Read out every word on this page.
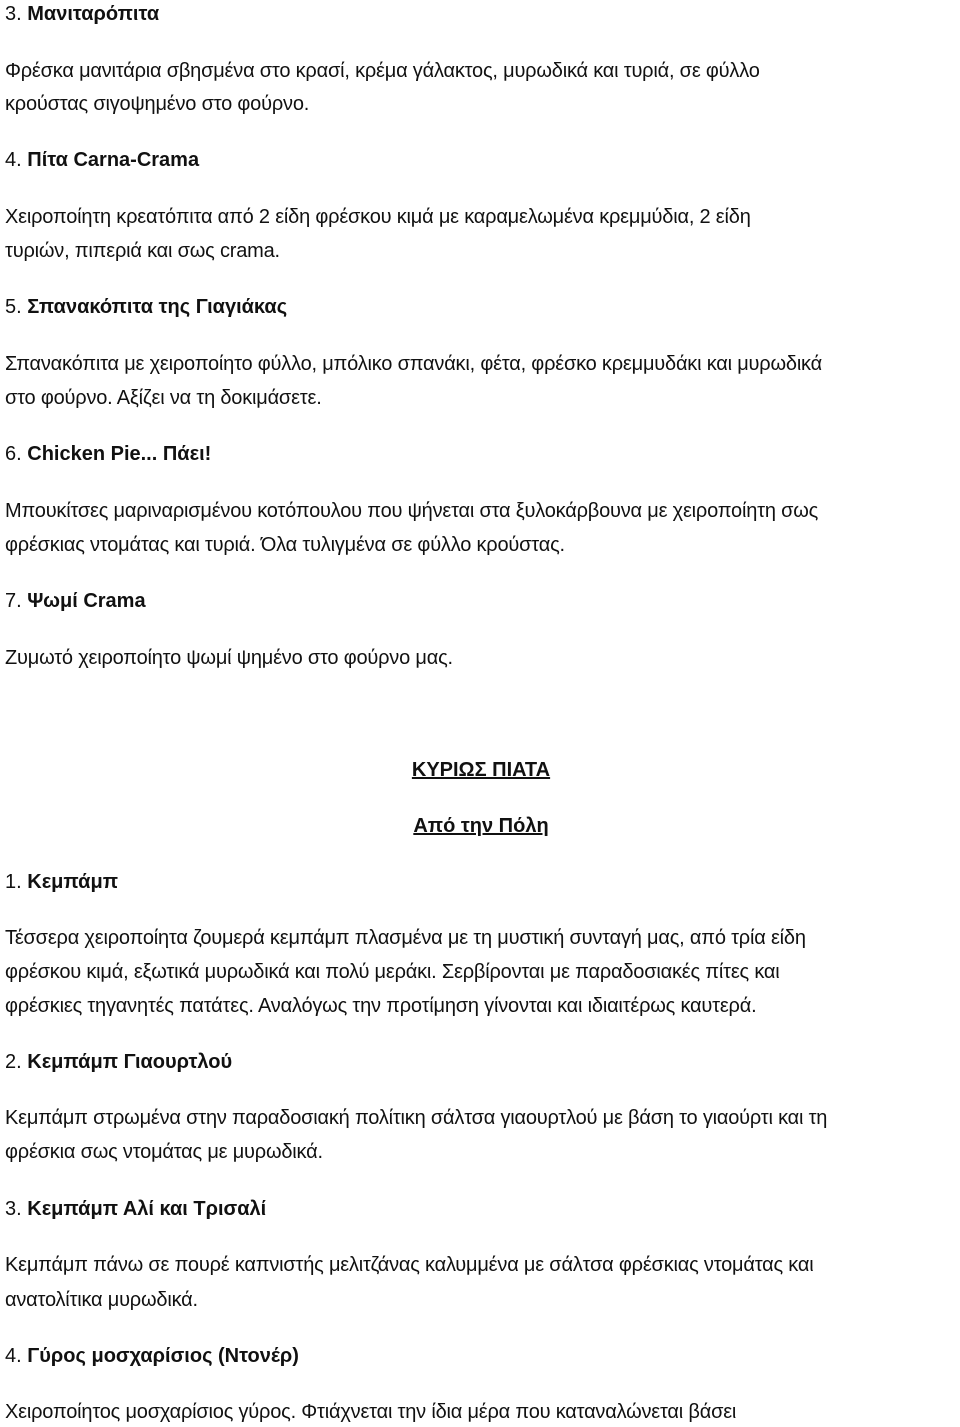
3. Μανιταρόπιτα
Φρέσκα μανιτάρια σβησμένα στο κρασί, κρέμα γάλακτος, μυρωδικά και τυριά, σε φύλλο
κρούστας σιγοψημένο στο φούρνο.
4. Πίτα Carna-Crama
Χειροποίητη κρεατόπιτα από 2 είδη φρέσκου κιμά με καραμελωμένα κρεμμύδια, 2 είδη
τυριών, πιπεριά και σως crama.
5. Σπανακόπιτα της Γιαγιάκας
Σπανακόπιτα με χειροποίητο φύλλο, μπόλικο σπανάκι, φέτα, φρέσκο κρεμμυδάκι και μυρωδικά
στο φούρνο. Αξίζει να τη δοκιμάσετε.
6. Chicken Pie... Πάει!
Μπουκίτσες μαριναρισμένου κοτόπουλου που ψήνεται στα ξυλοκάρβουνα με χειροποίητη σως
φρέσκιας ντομάτας και τυριά. Όλα τυλιγμένα σε φύλλο κρούστας.
7. Ψωμί Crama
Ζυμωτό χειροποίητο ψωμί ψημένο στο φούρνο μας.
ΚΥΡΙΩΣ ΠΙΑΤΑ
Από την Πόλη
1. Κεμπάμπ
Τέσσερα χειροποίητα ζουμερά κεμπάμπ πλασμένα με τη μυστική συνταγή μας, από τρία είδη
φρέσκου κιμά, εξωτικά μυρωδικά και πολύ μεράκι. Σερβίρονται με παραδοσιακές πίτες και
φρέσκιες τηγανητές πατάτες. Αναλόγως την προτίμηση γίνονται και ιδιαιτέρως καυτερά.
2. Κεμπάμπ Γιαουρτλού
Κεμπάμπ στρωμένα στην παραδοσιακή πολίτικη σάλτσα γιαουρτλού με βάση το γιαούρτι και τη
φρέσκια σως ντομάτας με μυρωδικά.
3. Κεμπάμπ Αλί και Τρισαλί
Κεμπάμπ πάνω σε πουρέ καπνιστής μελιτζάνας καλυμμένα με σάλτσα φρέσκιας ντομάτας και
ανατολίτικα μυρωδικά.
4. Γύρος μοσχαρίσιος (Ντονέρ)
Χειροποίητος μοσχαρίσιος γύρος. Φτιάχνεται την ίδια μέρα που καταναλώνεται βάσει
